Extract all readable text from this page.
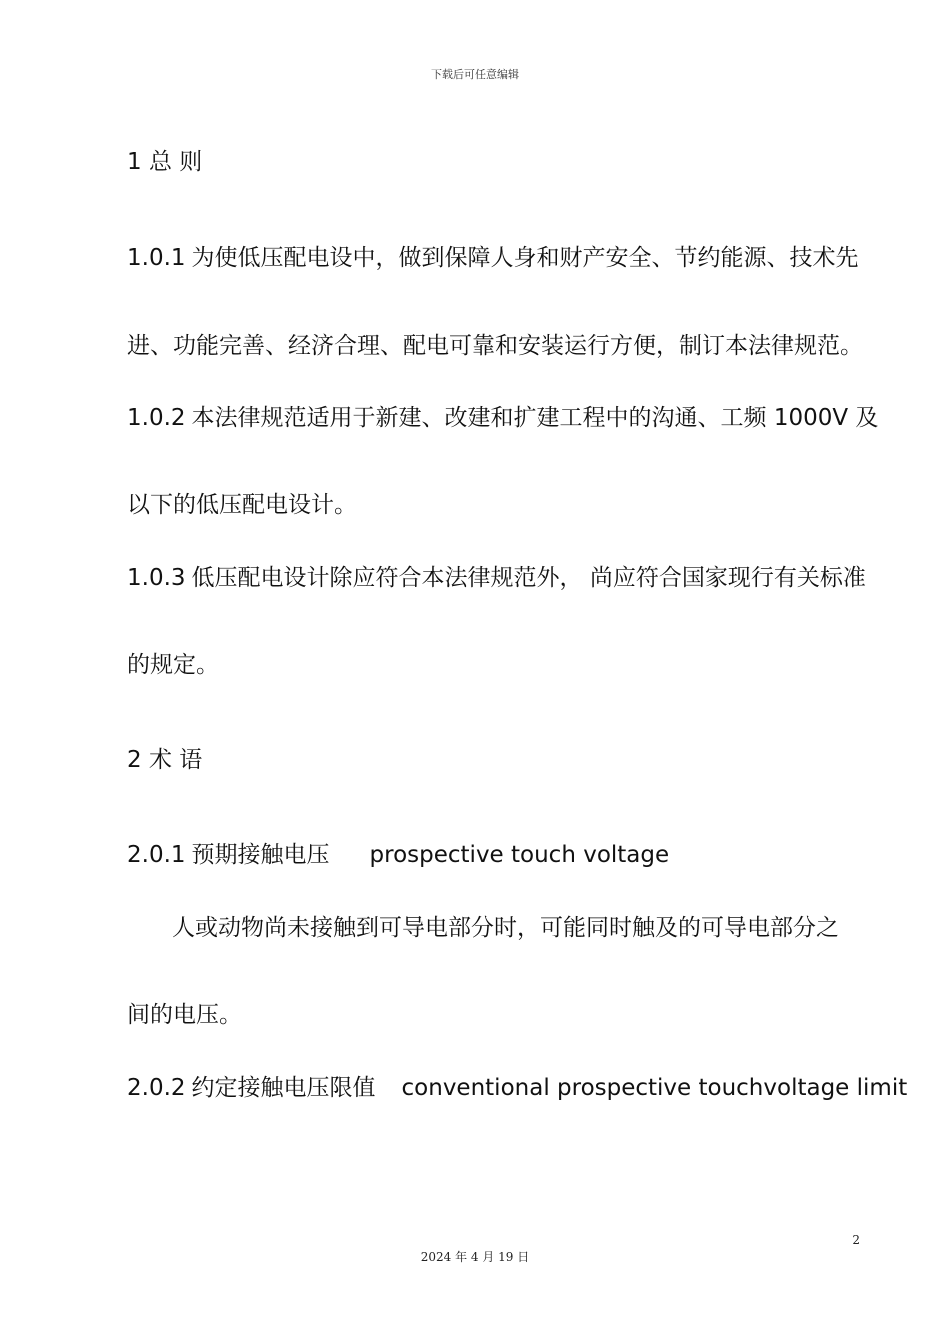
下载后可任意编辑
1 总 则
1.0.1 为使低压配电设中，做到保障人身和财产安全、节约能源、技术先
进、功能完善、经济合理、配电可靠和安装运行方便，制订本法律规范。
1.0.2 本法律规范适用于新建、改建和扩建工程中的沟通、工频 1000V 及
以下的低压配电设计。
1.0.3 低压配电设计除应符合本法律规范外， 尚应符合国家现行有关标准
的规定。
2 术 语
2.0.1 预期接触电压 prospective touch voltage
人或动物尚未接触到可导电部分时，可能同时触及的可导电部分之
间的电压。
2.0.2 约定接触电压限值 conventional prospective touchvoltage limit
2
2024 年 4 月 19 日
